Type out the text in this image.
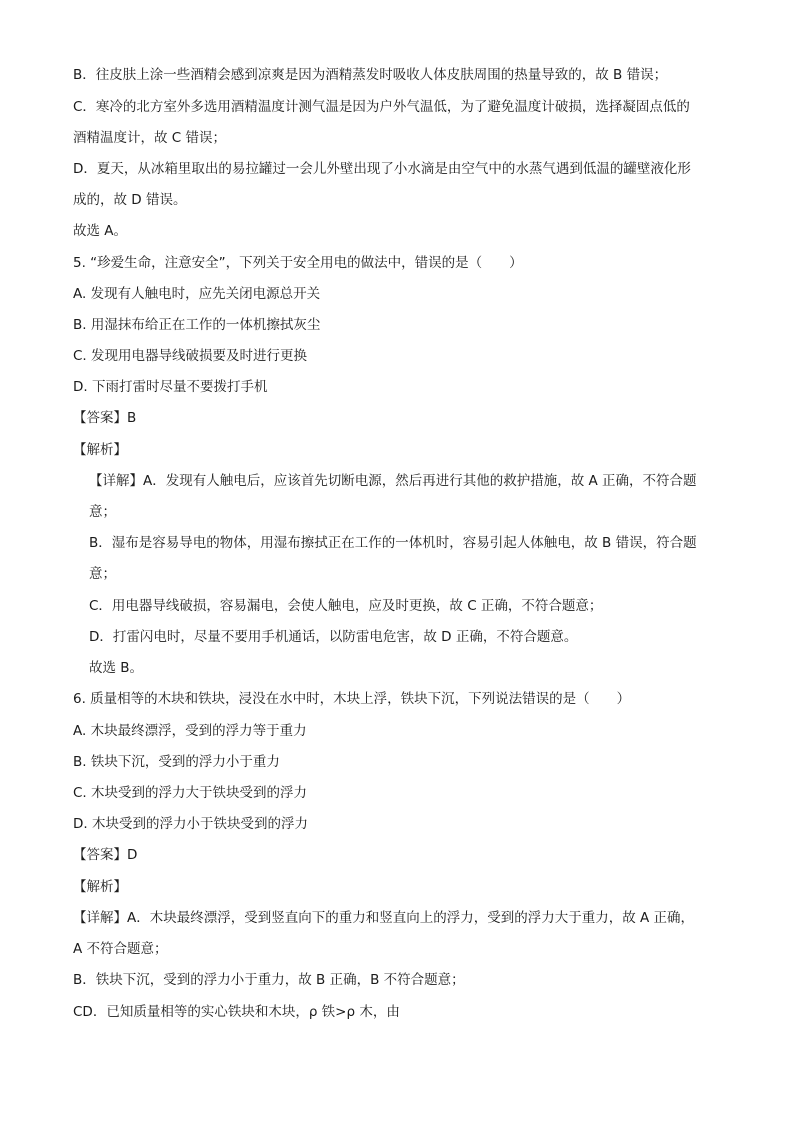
B．往皮肤上涂一些酒精会感到凉爽是因为酒精蒸发时吸收人体皮肤周围的热量导致的，故 B 错误；
C．寒冷的北方室外多选用酒精温度计测气温是因为户外气温低，为了避免温度计破损，选择凝固点低的
酒精温度计，故 C 错误；
D．夏天，从冰箱里取出的易拉罐过一会儿外壁出现了小水滴是由空气中的水蒸气遇到低温的罐壁液化形
成的，故 D 错误。
故选 A。
5. “珍爱生命，注意安全”，下列关于安全用电的做法中，错误的是（　　）
A. 发现有人触电时，应先关闭电源总开关
B. 用湿抹布给正在工作的一体机擦拭灰尘
C. 发现用电器导线破损要及时进行更换
D. 下雨打雷时尽量不要拨打手机
【答案】B
【解析】
【详解】A．发现有人触电后，应该首先切断电源，然后再进行其他的救护措施，故 A 正确，不符合题
意；
B．湿布是容易导电的物体，用湿布擦拭正在工作的一体机时，容易引起人体触电，故 B 错误，符合题
意；
C．用电器导线破损，容易漏电，会使人触电，应及时更换，故 C 正确，不符合题意；
D．打雷闪电时，尽量不要用手机通话，以防雷电危害，故 D 正确，不符合题意。
故选 B。
6. 质量相等的木块和铁块，浸没在水中时，木块上浮，铁块下沉，下列说法错误的是（　　）
A. 木块最终漂浮，受到的浮力等于重力
B. 铁块下沉，受到的浮力小于重力
C. 木块受到的浮力大于铁块受到的浮力
D. 木块受到的浮力小于铁块受到的浮力
【答案】D
【解析】
【详解】A．木块最终漂浮，受到竖直向下的重力和竖直向上的浮力，受到的浮力大于重力，故 A 正确，
A 不符合题意；
B．铁块下沉，受到的浮力小于重力，故 B 正确，B 不符合题意；
CD．已知质量相等的实心铁块和木块，ρ 铁>ρ 木，由
